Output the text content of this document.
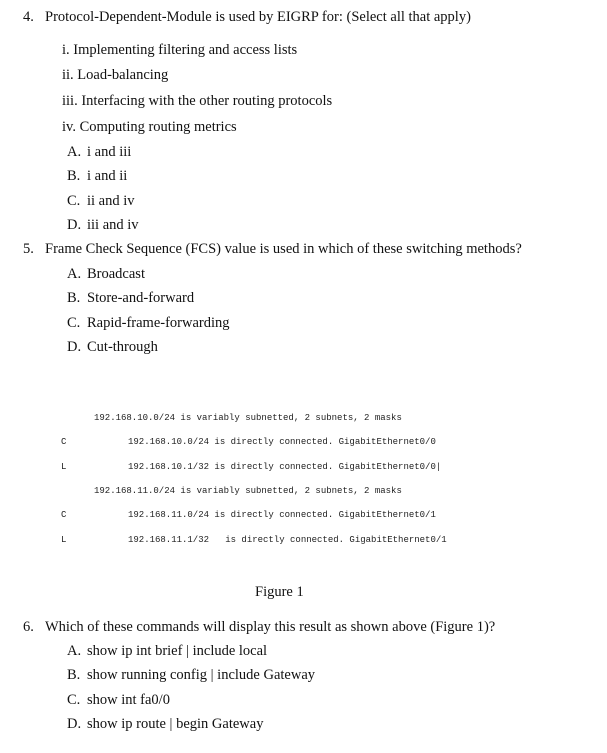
4. Protocol-Dependent-Module is used by EIGRP for: (Select all that apply)
i. Implementing filtering and access lists
ii. Load-balancing
iii. Interfacing with the other routing protocols
iv. Computing routing metrics
A. i and iii
B. i and ii
C. ii and iv
D. iii and iv
5. Frame Check Sequence (FCS) value is used in which of these switching methods?
A. Broadcast
B. Store-and-forward
C. Rapid-frame-forwarding
D. Cut-through
192.168.10.0/24 is variably subnetted, 2 subnets, 2 masks
C	192.168.10.0/24 is directly connected. GigabitEthernet0/0
L	192.168.10.1/32 is directly connected. GigabitEthernet0/0|
192.168.11.0/24 is variably subnetted, 2 subnets, 2 masks
C	192.168.11.0/24 is directly connected. GigabitEthernet0/1
L	192.168.11.1/32   is directly connected. GigabitEthernet0/1
Figure 1
6. Which of these commands will display this result as shown above (Figure 1)?
A. show ip int brief | include local
B. show running config | include Gateway
C. show int fa0/0
D. show ip route | begin Gateway
